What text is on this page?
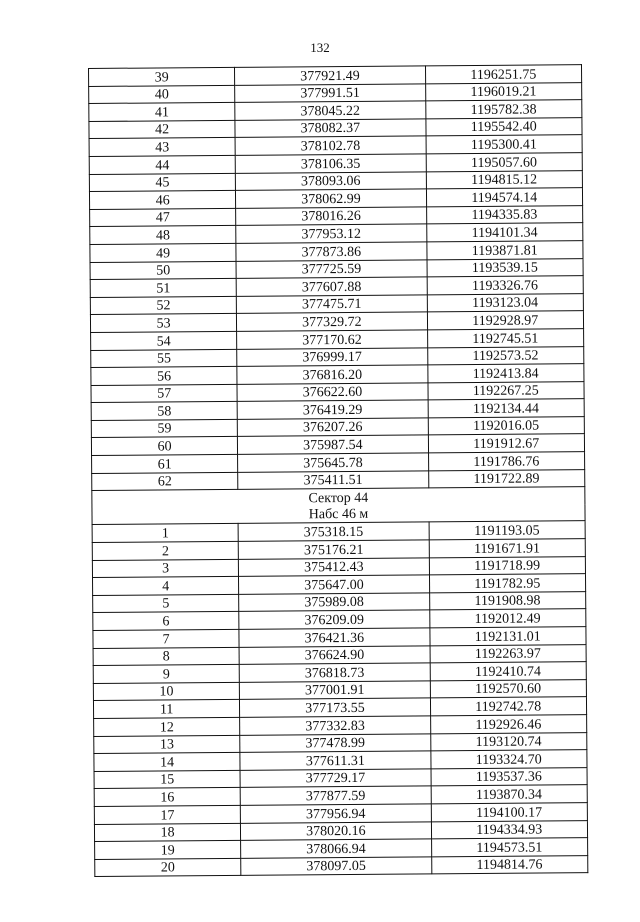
132
39	377921.49	1196251.75
40	377991.51	1196019.21
41	378045.22	1195782.38
42	378082.37	1195542.40
43	378102.78	1195300.41
44	378106.35	1195057.60
45	378093.06	1194815.12
46	378062.99	1194574.14
47	378016.26	1194335.83
48	377953.12	1194101.34
49	377873.86	1193871.81
50	377725.59	1193539.15
51	377607.88	1193326.76
52	377475.71	1193123.04
53	377329.72	1192928.97
54	377170.62	1192745.51
55	376999.17	1192573.52
56	376816.20	1192413.84
57	376622.60	1192267.25
58	376419.29	1192134.44
59	376207.26	1192016.05
60	375987.54	1191912.67
61	375645.78	1191786.76
62	375411.51	1191722.89
Сектор 44		
Набс 46 м		
1	375318.15	1191193.05
2	375176.21	1191671.91
3	375412.43	1191718.99
4	375647.00	1191782.95
5	375989.08	1191908.98
6	376209.09	1192012.49
7	376421.36	1192131.01
8	376624.90	1192263.97
9	376818.73	1192410.74
10	377001.91	1192570.60
11	377173.55	1192742.78
12	377332.83	1192926.46
13	377478.99	1193120.74
14	377611.31	1193324.70
15	377729.17	1193537.36
16	377877.59	1193870.34
17	377956.94	1194100.17
18	378020.16	1194334.93
19	378066.94	1194573.51
20	378097.05	1194814.76
